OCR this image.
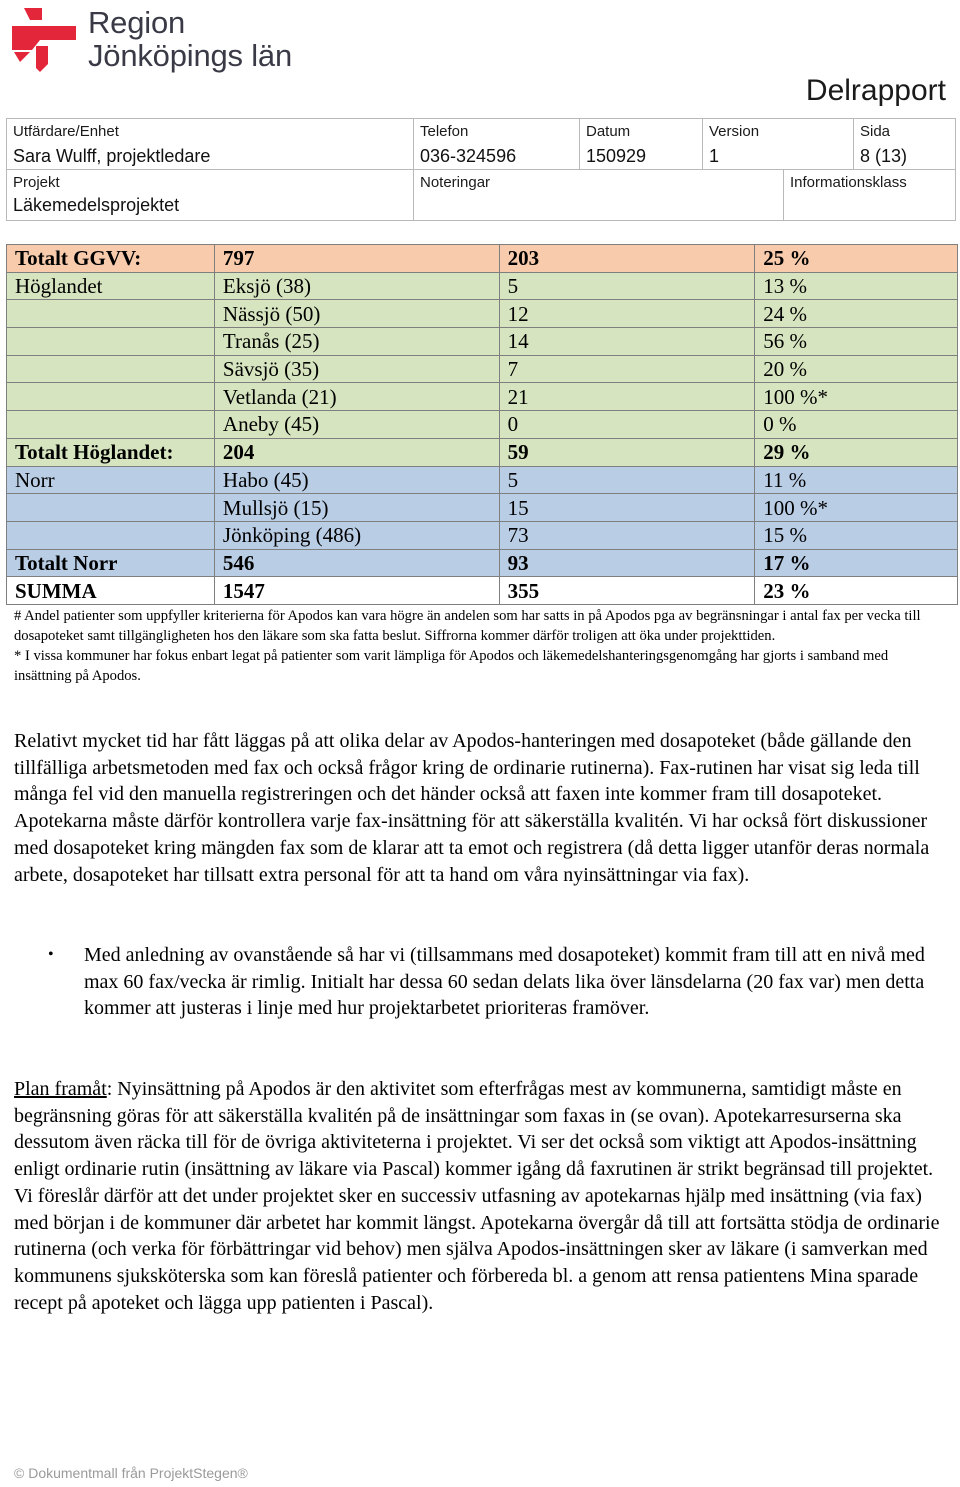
Region
Jönköpings län
Delrapport
Utfärdare/Enhet
Sara Wulff, projektledare
Telefon
036-324596
Datum
150929
Version
1
Sida
8 (13)
Projekt
Läkemedelsprojektet
Noteringar	Informationsklass
Totalt GGVV:	797	203	25 %
Höglandet	Eksjö (38)	5	13 %
	Nässjö (50)	12	24 %
	Tranås (25)	14	56 %
	Sävsjö (35)	7	20 %
	Vetlanda (21)	21	100 %*
	Aneby (45)	0	0 %
Totalt Höglandet:	204	59	29 %
Norr	Habo (45)	5	11 %
	Mullsjö (15)	15	100 %*
	Jönköping (486)	73	15 %
Totalt Norr	546	93	17 %
SUMMA	1547	355	23 %

# Andel patienter som uppfyller kriterierna för Apodos kan vara högre än andelen som har satts in på Apodos pga av begränsningar i antal fax per vecka till dosapoteket samt tillgängligheten hos den läkare som ska fatta beslut. Siffrorna kommer därför troligen att öka under projekttiden.

* I vissa kommuner har fokus enbart legat på patienter som varit lämpliga för Apodos och läkemedelshanteringsgenomgång har gjorts i samband med insättning på Apodos.

Relativt mycket tid har fått läggas på att olika delar av Apodos-hanteringen med dosapoteket (både gällande den tillfälliga arbetsmetoden med fax och också frågor kring de ordinarie rutinerna). Fax-rutinen har visat sig leda till många fel vid den manuella registreringen och det händer också att faxen inte kommer fram till dosapoteket. Apotekarna måste därför kontrollera varje fax-insättning för att säkerställa kvalitén. Vi har också fört diskussioner med dosapoteket kring mängden fax som de klarar att ta emot och registrera (då detta ligger utanför deras normala arbete, dosapoteket har tillsatt extra personal för att ta hand om våra nyinsättningar via fax).

• Med anledning av ovanstående så har vi (tillsammans med dosapoteket) kommit fram till att en nivå med max 60 fax/vecka är rimlig. Initialt har dessa 60 sedan delats lika över länsdelarna (20 fax var) men detta kommer att justeras i linje med hur projektarbetet prioriteras framöver.

Plan framåt: Nyinsättning på Apodos är den aktivitet som efterfrågas mest av kommunerna, samtidigt måste en begränsning göras för att säkerställa kvalitén på de insättningar som faxas in (se ovan). Apotekarresurserna ska dessutom även räcka till för de övriga aktiviteterna i projektet. Vi ser det också som viktigt att Apodos-insättning enligt ordinarie rutin (insättning av läkare via Pascal) kommer igång då faxrutinen är strikt begränsad till projektet. Vi föreslår därför att det under projektet sker en successiv utfasning av apotekarnas hjälp med insättning (via fax) med början i de kommuner där arbetet har kommit längst. Apotekarna övergår då till att fortsätta stödja de ordinarie rutinerna (och verka för förbättringar vid behov) men själva Apodos-insättningen sker av läkare (i samverkan med kommunens sjuksköterska som kan föreslå patienter och förbereda bl. a genom att rensa patientens Mina sparade recept på apoteket och lägga upp patienten i Pascal).

© Dokumentmall från ProjektStegen®
